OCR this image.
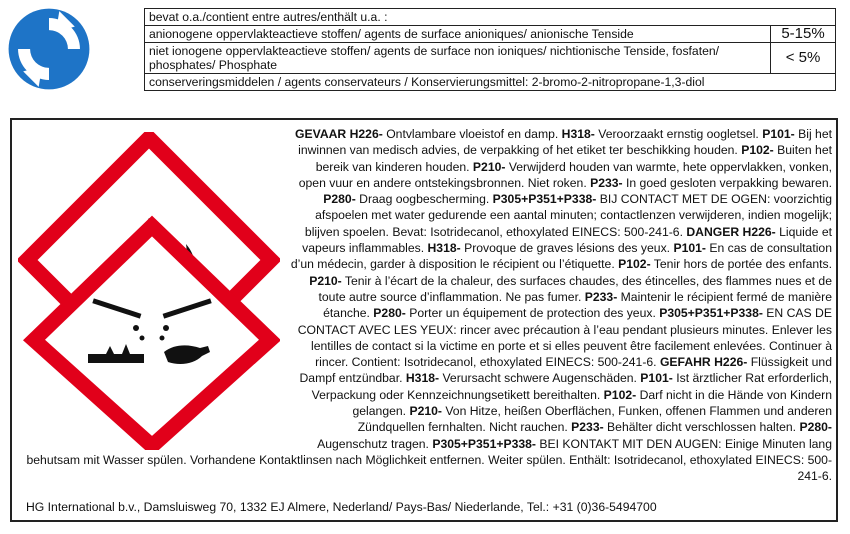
bevat o.a./contient entre autres/enthält u.a. :	
anionogene oppervlakteactieve stoffen/ agents de surface anioniques/ anionische Tenside	5-15%
niet ionogene oppervlakteactieve stoffen/ agents de surface non ioniques/ nichtionische Tenside, fosfaten/ phosphates/ Phosphate	< 5%
conserveringsmiddelen / agents conservateurs / Konservierungsmittel: 2-bromo-2-nitropropane-1,3-diol	

GEVAAR H226- Ontvlambare vloeistof en damp. H318- Veroorzaakt ernstig oogletsel. P101- Bij het inwinnen van medisch advies, de verpakking of het etiket ter beschikking houden. P102- Buiten het bereik van kinderen houden. P210- Verwijderd houden van warmte, hete oppervlakken, vonken, open vuur en andere ontstekingsbronnen. Niet roken. P233- In goed gesloten verpakking bewaren. P280- Draag oogbescherming. P305+P351+P338- BIJ CONTACT MET DE OGEN: voorzichtig afspoelen met water gedurende een aantal minuten; contactlenzen verwijderen, indien mogelijk; blijven spoelen. Bevat: Isotridecanol, ethoxylated EINECS: 500-241-6. DANGER H226- Liquide et vapeurs inflammables. H318- Provoque de graves lésions des yeux. P101- En cas de consultation d’un médecin, garder à disposition le récipient ou l’étiquette. P102- Tenir hors de portée des enfants. P210- Tenir à l’écart de la chaleur, des surfaces chaudes, des étincelles, des flammes nues et de toute autre source d’inflammation. Ne pas fumer. P233- Maintenir le récipient fermé de manière étanche. P280- Porter un équipement de protection des yeux. P305+P351+P338- EN CAS DE CONTACT AVEC LES YEUX: rincer avec précaution à l’eau pendant plusieurs minutes. Enlever les lentilles de contact si la victime en porte et si elles peuvent être facilement enlevées. Continuer à rincer. Contient: Isotridecanol, ethoxylated EINECS: 500-241-6. GEFAHR H226- Flüssigkeit und Dampf entzündbar. H318- Verursacht schwere Augenschäden. P101- Ist ärztlicher Rat erforderlich, Verpackung oder Kennzeichnungsetikett bereithalten. P102- Darf nicht in die Hände von Kindern gelangen. P210- Von Hitze, heißen Oberflächen, Funken, offenen Flammen und anderen Zündquellen fernhalten. Nicht rauchen. P233- Behälter dicht verschlossen halten. P280- Augenschutz tragen. P305+P351+P338- BEI KONTAKT MIT DEN AUGEN: Einige Minuten lang behutsam mit Wasser spülen. Vorhandene Kontaktlinsen nach Möglichkeit entfernen. Weiter spülen. Enthält: Isotridecanol, ethoxylated EINECS: 500-241-6.

HG International b.v., Damsluisweg 70, 1332 EJ Almere, Nederland/ Pays-Bas/ Niederlande, Tel.: +31 (0)36-5494700
